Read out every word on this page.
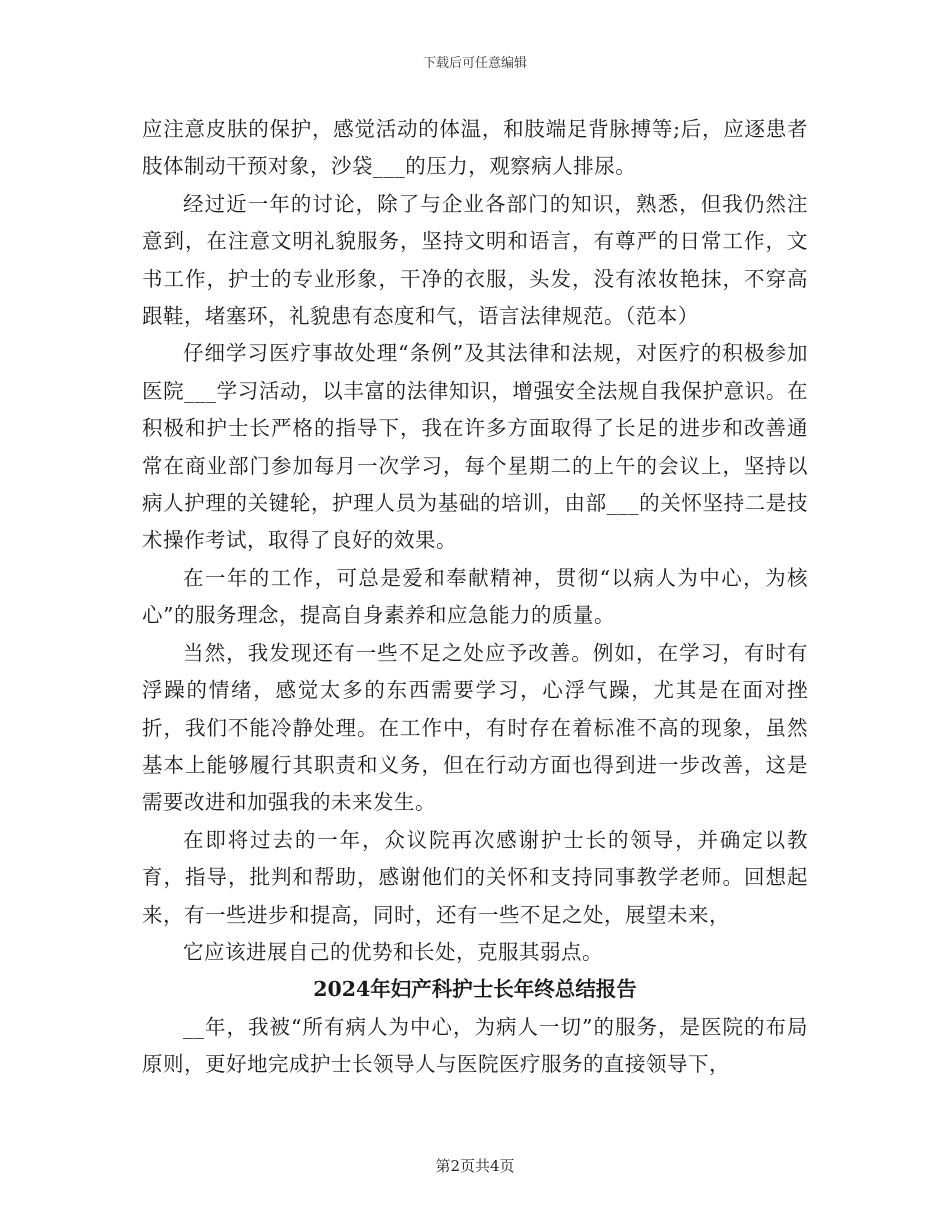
下载后可任意编辑

应注意皮肤的保护，感觉活动的体温，和肢端足背脉搏等;后，应逐患者肢体制动干预对象，沙袋___的压力，观察病人排尿。

经过近一年的讨论，除了与企业各部门的知识，熟悉，但我仍然注意到，在注意文明礼貌服务，坚持文明和语言，有尊严的日常工作，文书工作，护士的专业形象，干净的衣服，头发，没有浓妆艳抹，不穿高跟鞋，堵塞环，礼貌患有态度和气，语言法律规范。（范本）

仔细学习医疗事故处理“条例”及其法律和法规，对医疗的积极参加医院___学习活动，以丰富的法律知识，增强安全法规自我保护意识。在积极和护士长严格的指导下，我在许多方面取得了长足的进步和改善通常在商业部门参加每月一次学习，每个星期二的上午的会议上，坚持以病人护理的关键轮，护理人员为基础的培训，由部___的关怀坚持二是技术操作考试，取得了良好的效果。

在一年的工作，可总是爱和奉献精神，贯彻“以病人为中心，为核心”的服务理念，提高自身素养和应急能力的质量。

当然，我发现还有一些不足之处应予改善。例如，在学习，有时有浮躁的情绪，感觉太多的东西需要学习，心浮气躁，尤其是在面对挫折，我们不能冷静处理。在工作中，有时存在着标准不高的现象，虽然基本上能够履行其职责和义务，但在行动方面也得到进一步改善，这是需要改进和加强我的未来发生。

在即将过去的一年，众议院再次感谢护士长的领导，并确定以教育，指导，批判和帮助，感谢他们的关怀和支持同事教学老师。回想起来，有一些进步和提高，同时，还有一些不足之处，展望未来，

它应该进展自己的优势和长处，克服其弱点。

2024年妇产科护士长年终总结报告

__年，我被“所有病人为中心，为病人一切”的服务，是医院的布局原则，更好地完成护士长领导人与医院医疗服务的直接领导下，

第2页共4页
